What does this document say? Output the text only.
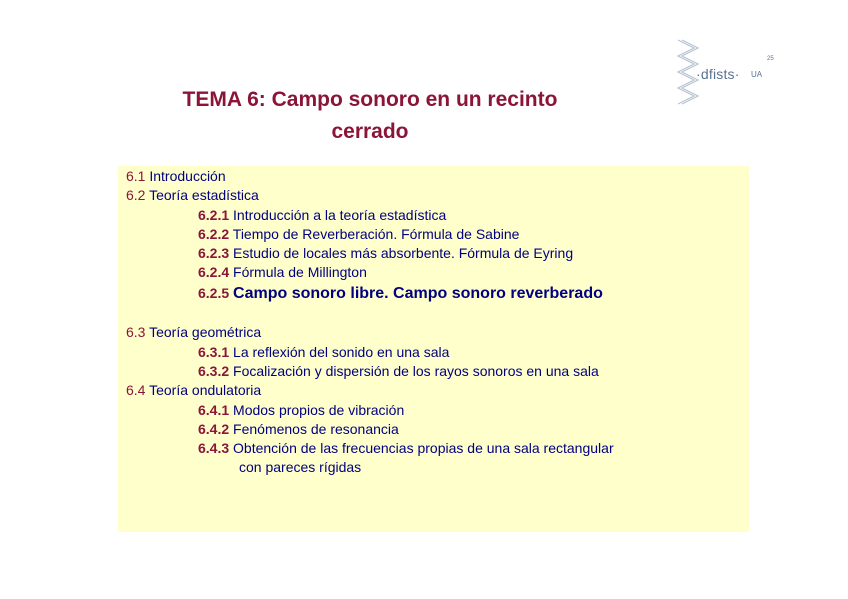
TEMA 6: Campo sonoro en un recinto
cerrado
·dfists· UA
25
6.1 Introducción
6.2 Teoría estadística
6.2.1 Introducción a la teoría estadística
6.2.2 Tiempo de Reverberación. Fórmula de Sabine
6.2.3 Estudio de locales más absorbente. Fórmula de Eyring
6.2.4 Fórmula de Millington
6.2.5 Campo sonoro libre. Campo sonoro reverberado
6.3 Teoría geométrica
6.3.1 La reflexión del sonido en una sala
6.3.2 Focalización y dispersión de los rayos sonoros en una sala
6.4 Teoría ondulatoria
6.4.1 Modos propios de vibración
6.4.2 Fenómenos de resonancia
6.4.3 Obtención de las frecuencias propias de una sala rectangular
con pareces rígidas
